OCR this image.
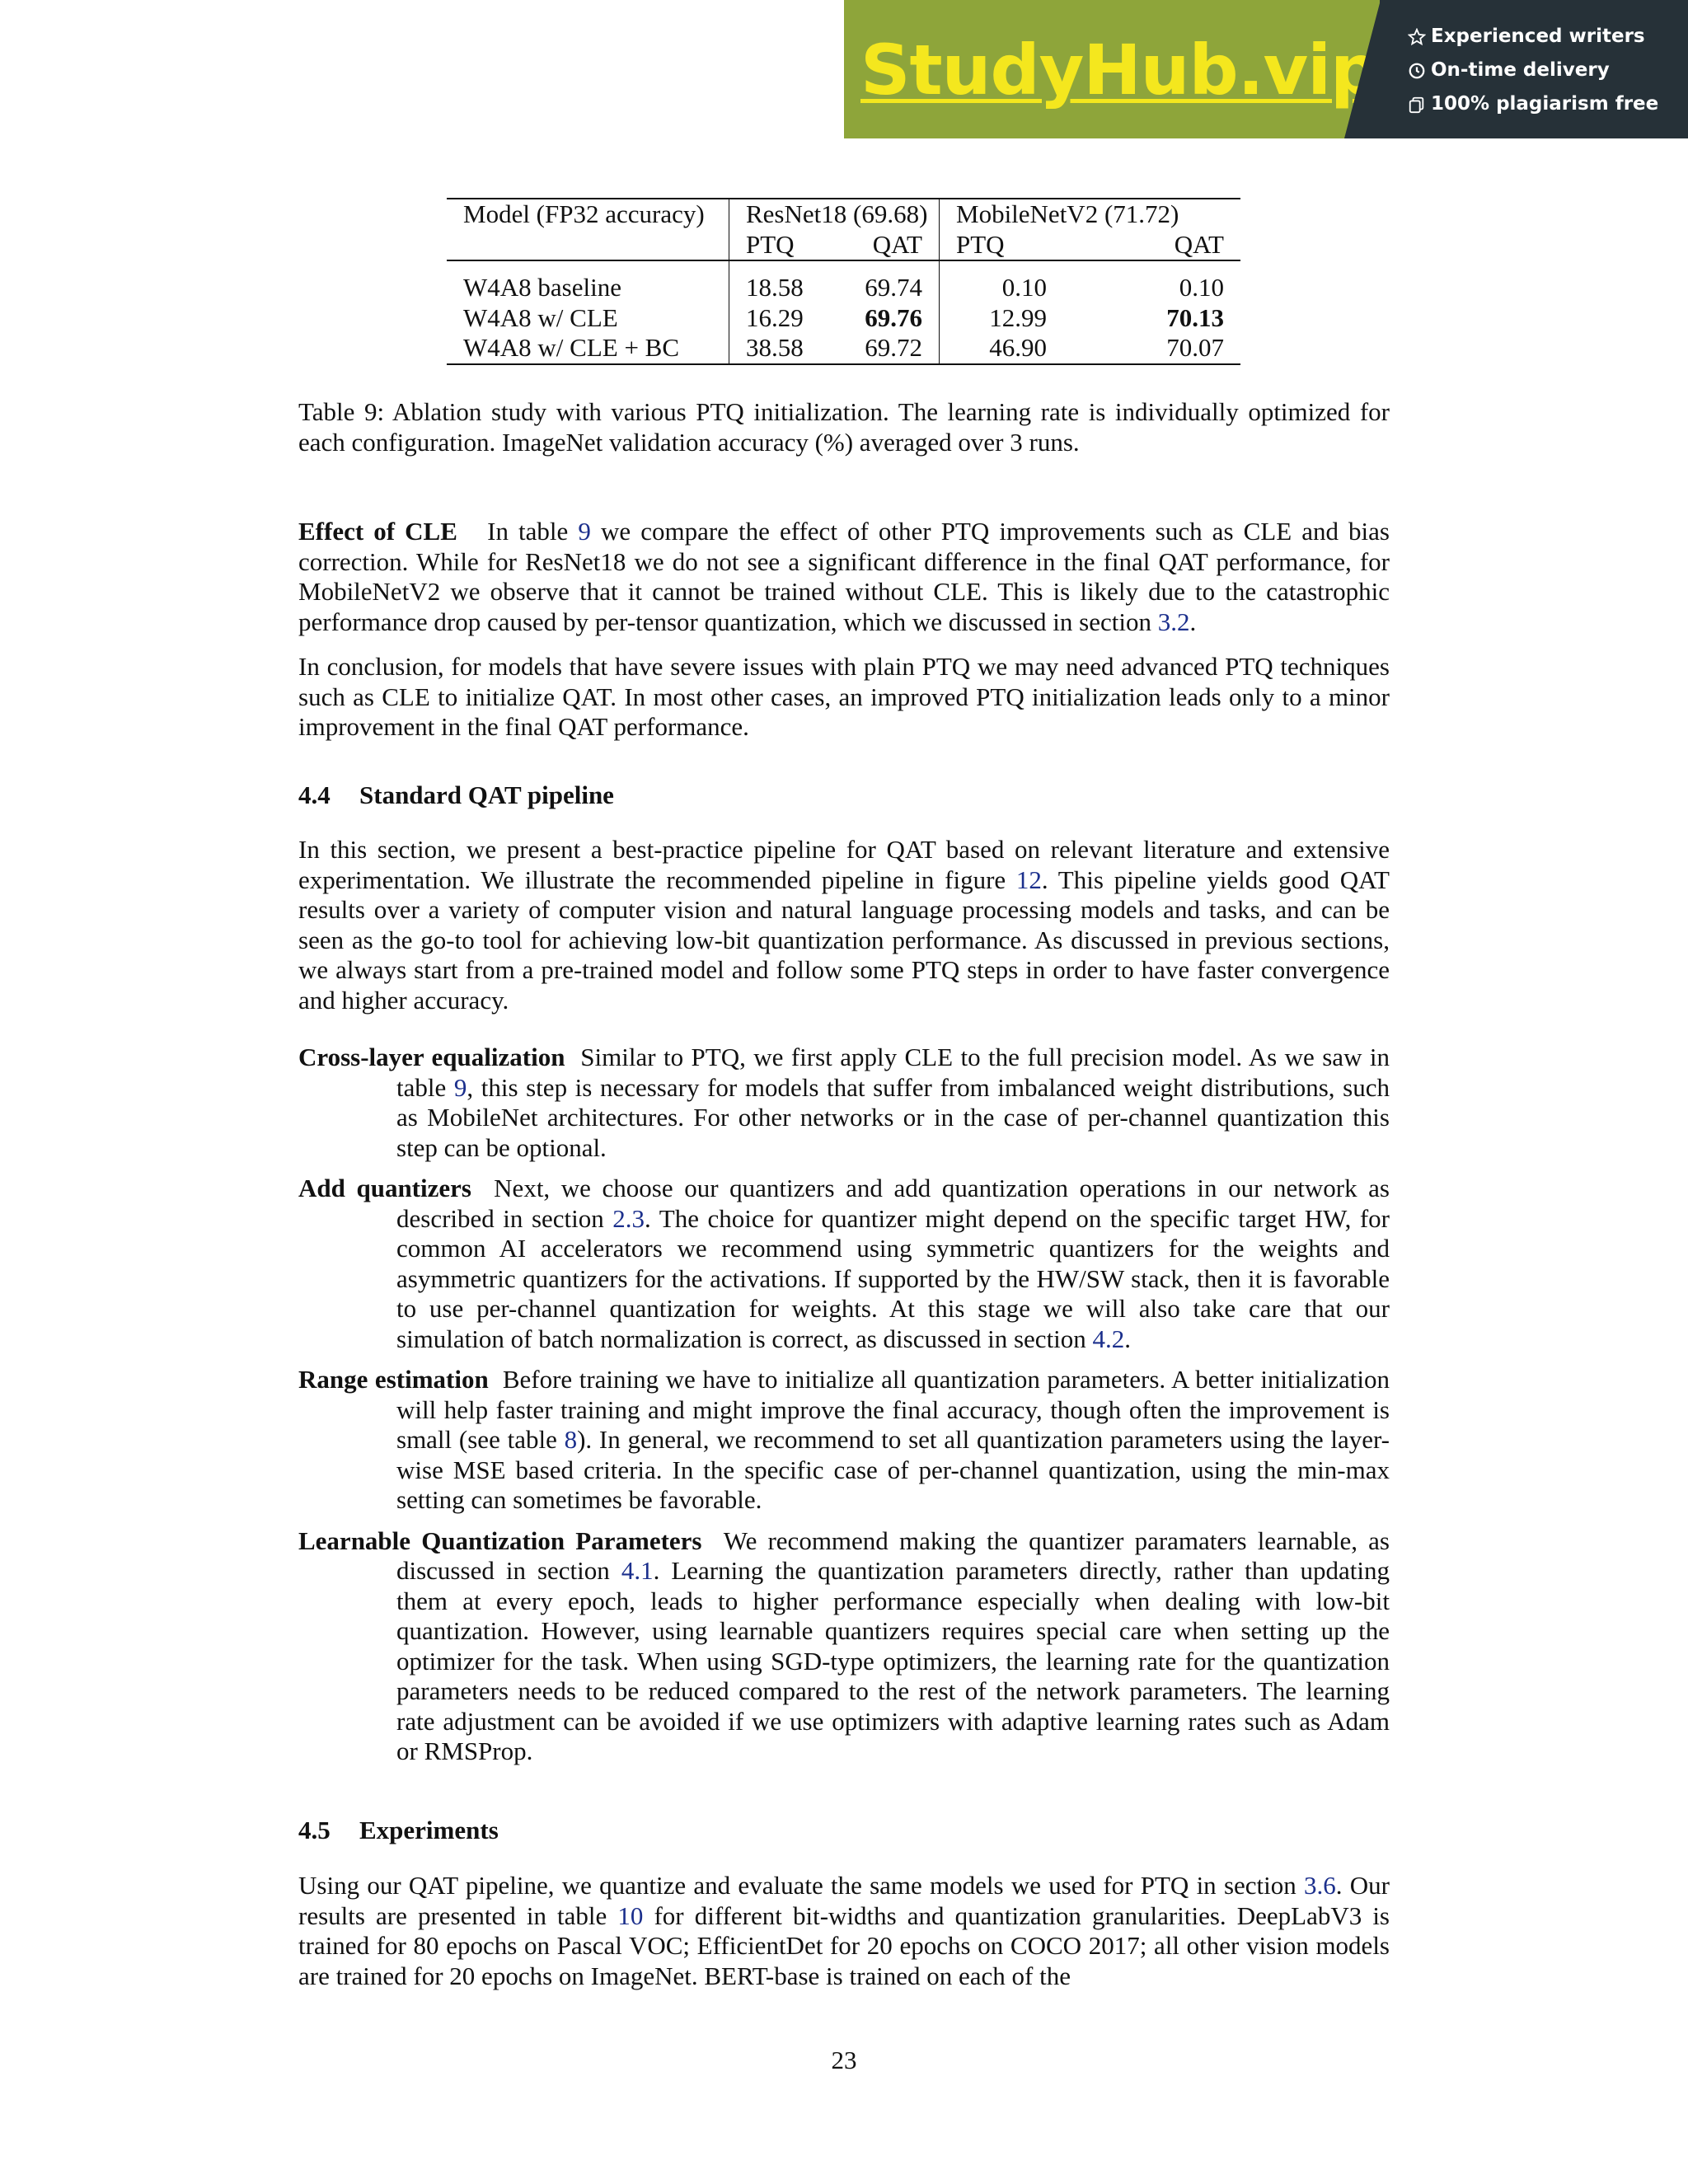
StudyHub.vip	Experienced writers
On-time delivery
100% plagiarism free
Model (FP32 accuracy)	ResNet18 (69.68)		MobileNetV2 (71.72)	
	PTQ	QAT	PTQ	QAT

W4A8 baseline	18.58	69.74	0.10	0.10
W4A8 w/ CLE	16.29	69.76	12.99	70.13
W4A8 w/ CLE + BC	38.58	69.72	46.90	70.07

Table 9: Ablation study with various PTQ initialization. The learning rate is individually optimized for each configuration. ImageNet validation accuracy (%) averaged over 3 runs.

Effect of CLE In table 9 we compare the effect of other PTQ improvements such as CLE and bias correction. While for ResNet18 we do not see a significant difference in the final QAT performance, for MobileNetV2 we observe that it cannot be trained without CLE. This is likely due to the catastrophic performance drop caused by per-tensor quantization, which we discussed in section 3.2.

In conclusion, for models that have severe issues with plain PTQ we may need advanced PTQ techniques such as CLE to initialize QAT. In most other cases, an improved PTQ initialization leads only to a minor improvement in the final QAT performance.

4.4 Standard QAT pipeline

In this section, we present a best-practice pipeline for QAT based on relevant literature and extensive experimentation. We illustrate the recommended pipeline in figure 12. This pipeline yields good QAT results over a variety of computer vision and natural language processing models and tasks, and can be seen as the go-to tool for achieving low-bit quantization performance. As discussed in previous sections, we always start from a pre-trained model and follow some PTQ steps in order to have faster convergence and higher accuracy.

Cross-layer equalization Similar to PTQ, we first apply CLE to the full precision model. As we saw in table 9, this step is necessary for models that suffer from imbalanced weight distributions, such as MobileNet architectures. For other networks or in the case of per-channel quantization this step can be optional.
Add quantizers Next, we choose our quantizers and add quantization operations in our network as described in section 2.3. The choice for quantizer might depend on the specific target HW, for common AI accelerators we recommend using symmetric quantizers for the weights and asymmetric quantizers for the activations. If supported by the HW/SW stack, then it is favorable to use per-channel quantization for weights. At this stage we will also take care that our simulation of batch normalization is correct, as discussed in section 4.2.
Range estimation Before training we have to initialize all quantization parameters. A better initialization will help faster training and might improve the final accuracy, though often the improvement is small (see table 8). In general, we recommend to set all quantization parameters using the layer-wise MSE based criteria. In the specific case of per-channel quantization, using the min-max setting can sometimes be favorable.
Learnable Quantization Parameters We recommend making the quantizer paramaters learnable, as discussed in section 4.1. Learning the quantization parameters directly, rather than updating them at every epoch, leads to higher performance especially when dealing with low-bit quantization. However, using learnable quantizers requires special care when setting up the optimizer for the task. When using SGD-type optimizers, the learning rate for the quantization parameters needs to be reduced compared to the rest of the network parameters. The learning rate adjustment can be avoided if we use optimizers with adaptive learning rates such as Adam or RMSProp.
4.5 Experiments

Using our QAT pipeline, we quantize and evaluate the same models we used for PTQ in section 3.6. Our results are presented in table 10 for different bit-widths and quantization granularities. DeepLabV3 is trained for 80 epochs on Pascal VOC; EfficientDet for 20 epochs on COCO 2017; all other vision models are trained for 20 epochs on ImageNet. BERT-base is trained on each of the

23
